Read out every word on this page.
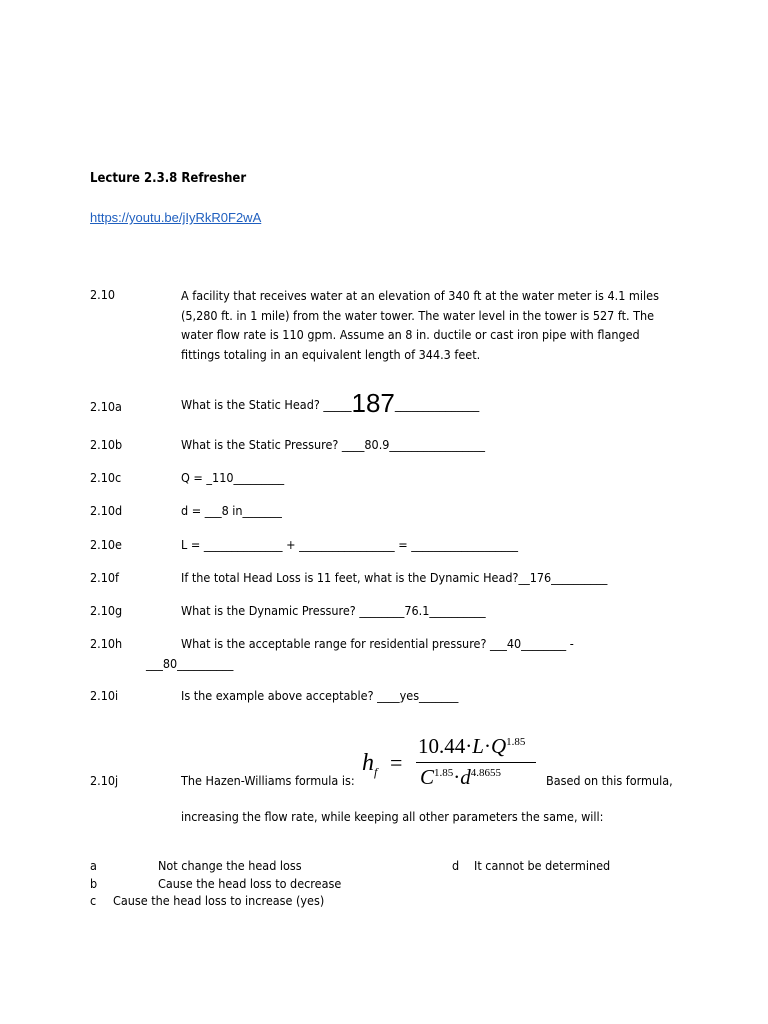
Lecture 2.3.8 Refresher
https://youtu.be/jIyRkR0F2wA
2.10	A facility that receives water at an elevation of 340 ft at the water meter is 4.1 miles (5,280 ft. in 1 mile) from the water tower. The water level in the tower is 527 ft. The water flow rate is 110 gpm. Assume an 8 in. ductile or cast iron pipe with flanged fittings totaling in an equivalent length of 344.3 feet.
2.10a	What is the Static Head? _____187_______________
2.10b	What is the Static Pressure? ____80.9_________________
2.10c	Q = _110_________
2.10d	d = ___8 in_______
2.10e	L = ______________ + _________________ = ___________________
2.10f	If the total Head Loss is 11 feet, what is the Dynamic Head?__176__________
2.10g	What is the Dynamic Pressure? ________76.1__________
2.10h	What is the acceptable range for residential pressure? ___40________ -
___80__________
2.10i	Is the example above acceptable? ____yes_______
2.10j	The Hazen-Williams formula is:
$h_f$ =
$10.44\cdot L\cdot Q^{1.85}$
$C^{1.85}\cdot d^{4.8655}$	Based on this formula,
increasing the flow rate, while keeping all other parameters the same, will:
a	Not change the head loss
b	Cause the head loss to decrease
c Cause the head loss to increase (yes)
d It cannot be determined
